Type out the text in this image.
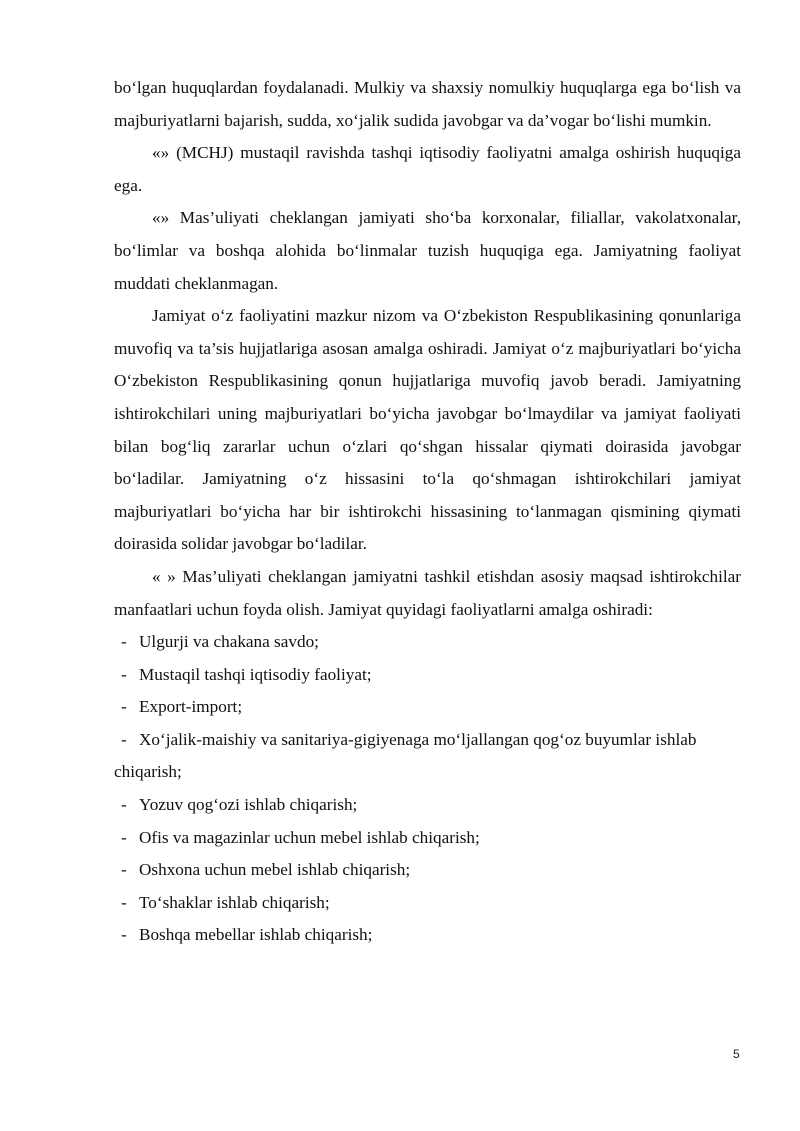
bo‘lgan huquqlardan foydalanadi. Mulkiy va shaxsiy nomulkiy huquqlarga ega bo‘lish va majburiyatlarni bajarish, sudda, xo‘jalik sudida javobgar va da’vogar bo‘lishi mumkin.

«» (MCHJ) mustaqil ravishda tashqi iqtisodiy faoliyatni amalga oshirish huquqiga ega.

«» Mas’uliyati cheklangan jamiyati sho‘ba korxonalar, filiallar, vakolatxonalar, bo‘limlar va boshqa alohida bo‘linmalar tuzish huquqiga ega. Jamiyatning faoliyat muddati cheklanmagan.

Jamiyat o‘z faoliyatini mazkur nizom va O‘zbekiston Respublikasining qonunlariga muvofiq va ta’sis hujjatlariga asosan amalga oshiradi. Jamiyat o‘z majburiyatlari bo‘yicha O‘zbekiston Respublikasining qonun hujjatlariga muvofiq javob beradi. Jamiyatning ishtirokchilari uning majburiyatlari bo‘yicha javobgar bo‘lmaydilar va jamiyat faoliyati bilan bog‘liq zararlar uchun o‘zlari qo‘shgan hissalar qiymati doirasida javobgar bo‘ladilar. Jamiyatning o‘z hissasini to‘la qo‘shmagan ishtirokchilari jamiyat majburiyatlari bo‘yicha har bir ishtirokchi hissasining to‘lanmagan qismining qiymati doirasida solidar javobgar bo‘ladilar.

« » Mas’uliyati cheklangan jamiyatni tashkil etishdan asosiy maqsad ishtirokchilar manfaatlari uchun foyda olish. Jamiyat quyidagi faoliyatlarni amalga oshiradi:

- Ulgurji va chakana savdo;
- Mustaqil tashqi iqtisodiy faoliyat;
- Export-import;
- Xo‘jalik-maishiy va sanitariya-gigiyenaga mo‘ljallangan qog‘oz buyumlar ishlab chiqarish;
- Yozuv qog‘ozi ishlab chiqarish;
- Ofis va magazinlar uchun mebel ishlab chiqarish;
- Oshxona uchun mebel ishlab chiqarish;
- To‘shaklar ishlab chiqarish;
- Boshqa mebellar ishlab chiqarish;
5
